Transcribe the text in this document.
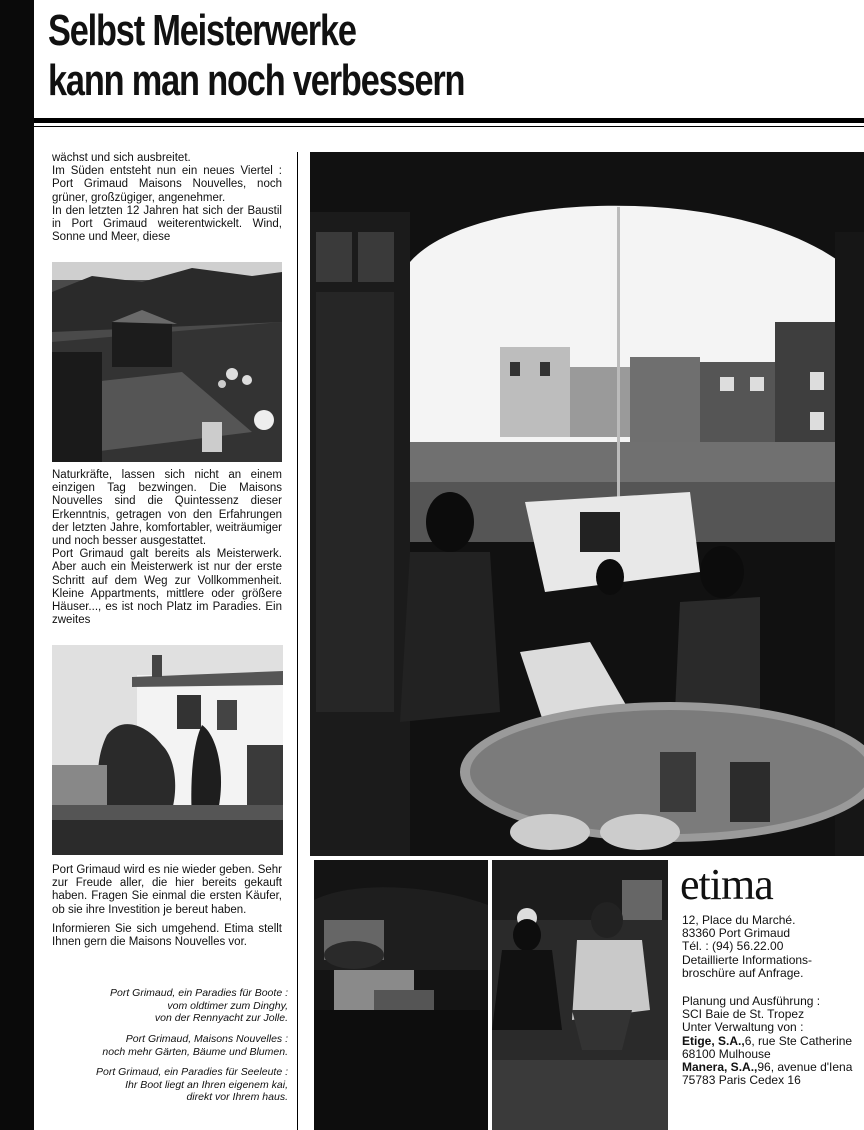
Selbst Meisterwerke
kann man noch verbessern

wächst und sich ausbreitet.

Im Süden entsteht nun ein neues Viertel : Port Grimaud Maisons Nouvelles, noch grüner, großzügiger, angenehmer.

In den letzten 12 Jahren hat sich der Baustil in Port Grimaud weiterentwickelt. Wind, Sonne und Meer, diese

Naturkräfte, lassen sich nicht an einem einzigen Tag bezwingen. Die Maisons Nouvelles sind die Quintessenz dieser Erkenntnis, getragen von den Erfahrungen der letzten Jahre, komfortabler, weiträumiger und noch besser ausgestattet.

Port Grimaud galt bereits als Meisterwerk. Aber auch ein Meisterwerk ist nur der erste Schritt auf dem Weg zur Vollkommenheit. Kleine Appartments, mittlere oder größere Häuser..., es ist noch Platz im Paradies. Ein zweites

Port Grimaud wird es nie wieder geben. Sehr zur Freude aller, die hier bereits gekauft haben. Fragen Sie einmal die ersten Käufer, ob sie ihre Investition je bereut haben.

Informieren Sie sich umgehend. Etima stellt Ihnen gern die Maisons Nouvelles vor.

Port Grimaud, ein Paradies für Boote :

vom oldtimer zum Dinghy,

von der Rennyacht zur Jolle.

Port Grimaud, Maisons Nouvelles :

noch mehr Gärten, Bäume und Blumen.

Port Grimaud, ein Paradies für Seeleute :

Ihr Boot liegt an Ihren eigenem kai,

direkt vor Ihrem haus.

etima

12, Place du Marché.

83360 Port Grimaud

Tél. : (94) 56.22.00

Detaillierte Informations-

broschüre auf Anfrage.

Planung und Ausführung :

SCI Baie de St. Tropez

Unter Verwaltung von :

Etige, S.A.,6, rue Ste Catherine

68100 Mulhouse

Manera, S.A.,96, avenue d'Iena

75783 Paris Cedex 16
